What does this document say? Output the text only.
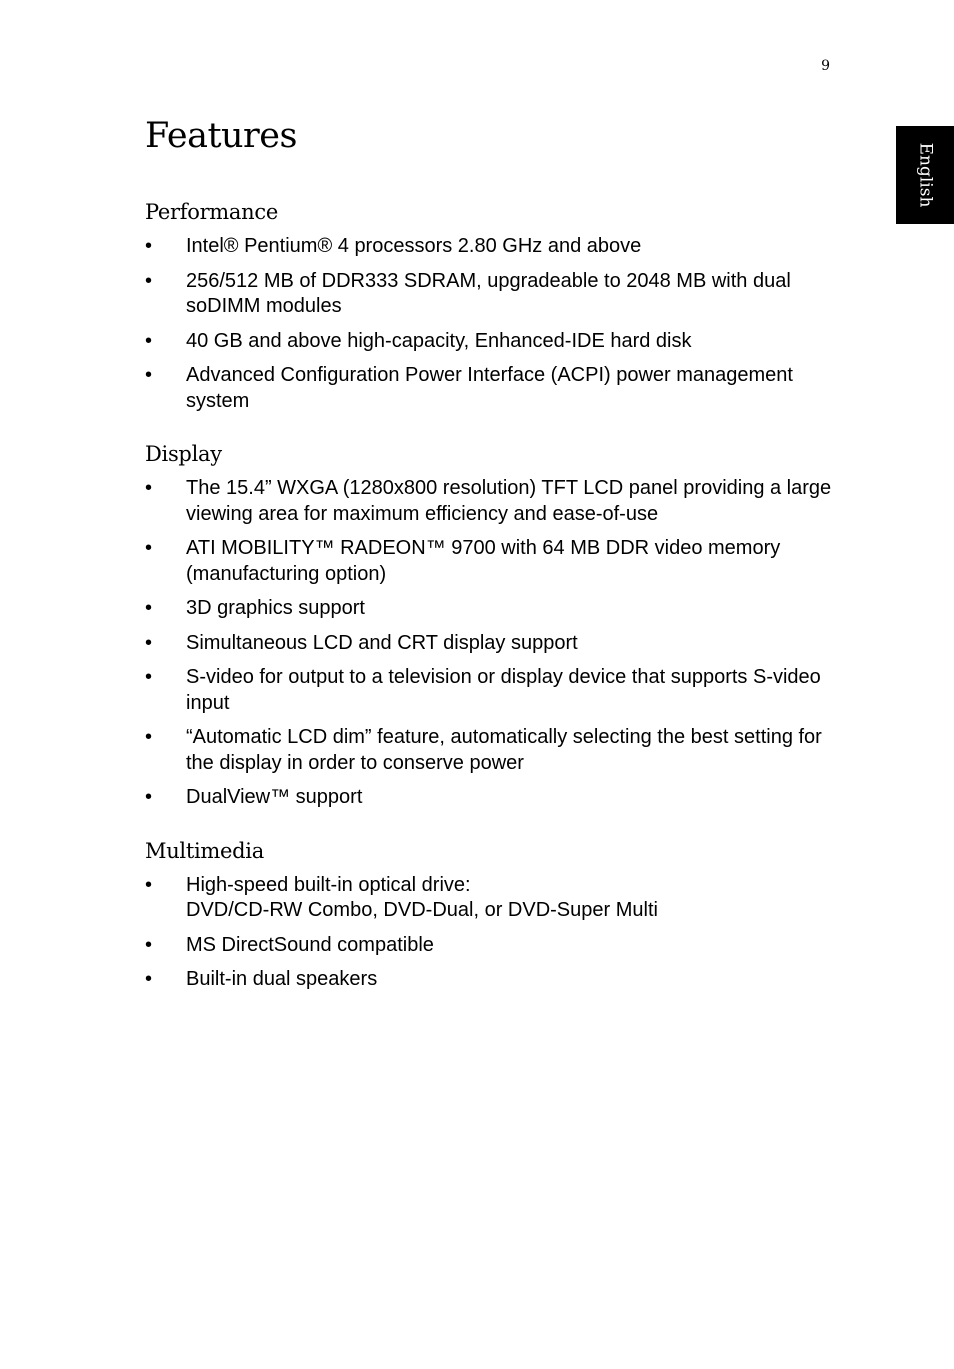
9
English
Features
Performance
• Intel® Pentium® 4 processors 2.80 GHz and above
• 256/512 MB of DDR333 SDRAM, upgradeable to 2048 MB with dual soDIMM modules
• 40 GB and above high-capacity, Enhanced-IDE hard disk
• Advanced Configuration Power Interface (ACPI) power management system
Display
• The 15.4” WXGA (1280x800 resolution) TFT LCD panel providing a large viewing area for maximum efficiency and ease-of-use
• ATI MOBILITY™ RADEON™ 9700 with 64 MB DDR video memory (manufacturing option)
• 3D graphics support
• Simultaneous LCD and CRT display support
• S-video for output to a television or display device that supports S-video input
• “Automatic LCD dim” feature, automatically selecting the best setting for the display in order to conserve power
• DualView™ support
Multimedia
• High-speed built-in optical drive:
DVD/CD-RW Combo, DVD-Dual, or DVD-Super Multi
• MS DirectSound compatible
• Built-in dual speakers
